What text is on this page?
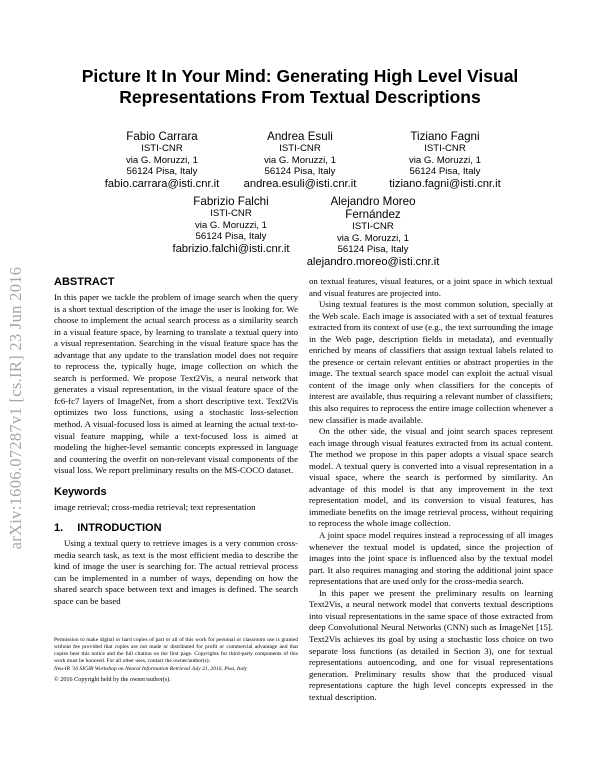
arXiv:1606.07287v1 [cs.IR] 23 Jun 2016
Picture It In Your Mind: Generating High Level Visual Representations From Textual Descriptions
Fabio Carrara
ISTI-CNR
via G. Moruzzi, 1
56124 Pisa, Italy
fabio.carrara@isti.cnr.it
Andrea Esuli
ISTI-CNR
via G. Moruzzi, 1
56124 Pisa, Italy
andrea.esuli@isti.cnr.it
Tiziano Fagni
ISTI-CNR
via G. Moruzzi, 1
56124 Pisa, Italy
tiziano.fagni@isti.cnr.it
Fabrizio Falchi
ISTI-CNR
via G. Moruzzi, 1
56124 Pisa, Italy
fabrizio.falchi@isti.cnr.it
Alejandro Moreo Fernández
ISTI-CNR
via G. Moruzzi, 1
56124 Pisa, Italy
alejandro.moreo@isti.cnr.it
ABSTRACT

In this paper we tackle the problem of image search when the query is a short textual description of the image the user is looking for. We choose to implement the actual search process as a similarity search in a visual feature space, by learning to translate a textual query into a visual representation. Searching in the visual feature space has the advantage that any update to the translation model does not require to reprocess the, typically huge, image collection on which the search is performed. We propose Text2Vis, a neural network that generates a visual representation, in the visual feature space of the fc6-fc7 layers of ImageNet, from a short descriptive text. Text2Vis optimizes two loss functions, using a stochastic loss-selection method. A visual-focused loss is aimed at learning the actual text-to-visual feature mapping, while a text-focused loss is aimed at modeling the higher-level semantic concepts expressed in language and countering the overfit on non-relevant visual components of the visual loss. We report preliminary results on the MS-COCO dataset.

Keywords

image retrieval; cross-media retrieval; text representation

1. INTRODUCTION

Using a textual query to retrieve images is a very common cross-media search task, as text is the most efficient media to describe the kind of image the user is searching for. The actual retrieval process can be implemented in a number of ways, depending on how the shared search space between text and images is defined. The search space can be based

on textual features, visual features, or a joint space in which textual and visual features are projected into.

Using textual features is the most common solution, specially at the Web scale. Each image is associated with a set of textual features extracted from its context of use (e.g., the text surrounding the image in the Web page, description fields in metadata), and eventually enriched by means of classifiers that assign textual labels related to the presence or certain relevant entities or abstract properties in the image. The textual search space model can exploit the actual visual content of the image only when classifiers for the concepts of interest are available, thus requiring a relevant number of classifiers; this also requires to reprocess the entire image collection whenever a new classifier is made available.

On the other side, the visual and joint search spaces represent each image through visual features extracted from its actual content. The method we propose in this paper adopts a visual space search model. A textual query is converted into a visual representation in a visual space, where the search is performed by similarity. An advantage of this model is that any improvement in the text representation model, and its conversion to visual features, has immediate benefits on the image retrieval process, without requiring to reprocess the whole image collection.

A joint space model requires instead a reprocessing of all images whenever the textual model is updated, since the projection of images into the joint space is influenced also by the textual model part. It also requires managing and storing the additional joint space representations that are used only for the cross-media search.

In this paper we present the preliminary results on learning Text2Vis, a neural network model that converts textual descriptions into visual representations in the same space of those extracted from deep Convolutional Neural Networks (CNN) such as ImageNet [15]. Text2Vis achieves its goal by using a stochastic loss choice on two separate loss functions (as detailed in Section 3), one for textual representations autoencoding, and one for visual representations generation. Preliminary results show that the produced visual representations capture the high level concepts expressed in the textual description.

Permission to make digital or hard copies of part or all of this work for personal or classroom use is granted without fee provided that copies are not made or distributed for profit or commercial advantage and that copies bear this notice and the full citation on the first page. Copyrights for third-party components of this work must be honored. For all other uses, contact the owner/author(s).

Neu-IR '16 SIGIR Workshop on Neural Information Retrieval July 21, 2016, Pisa, Italy

© 2016 Copyright held by the owner/author(s).
